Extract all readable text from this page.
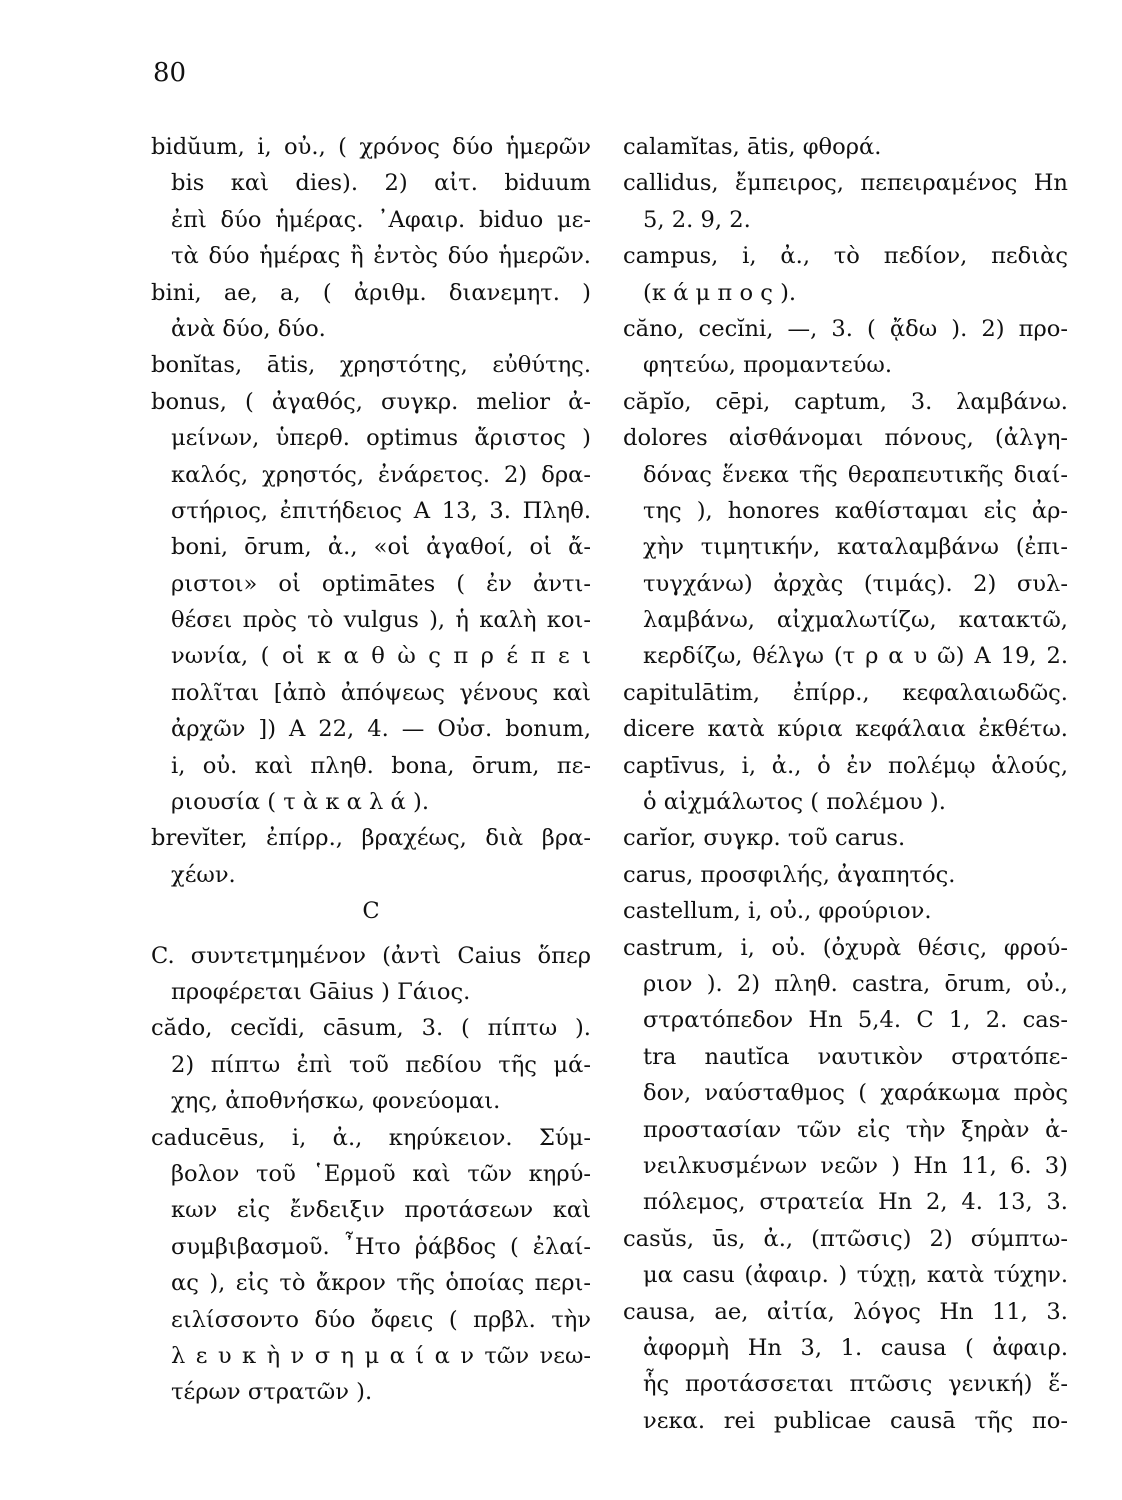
80
bidŭum, i, οὐ., ( χρόνος δύο ἡμερῶν
bis καὶ dies). 2) αἰτ. biduum
ἐπὶ δύο ἡμέρας. ᾿Αφαιρ. biduo με-
τὰ δύο ἡμέρας ἢ ἐντὸς δύο ἡμερῶν.
bini, ae, a, ( ἀριθμ. διανεμητ. )
ἀνὰ δύο, δύο.
bonĭtas, ātis, χρηστότης, εὐθύτης.
bonus, ( ἀγαθός, συγκρ. melior ἀ-
μείνων, ὑπερθ. optimus ἄριστος )
καλός, χρηστός, ἐνάρετος. 2) δρα-
στήριος, ἐπιτήδειος A 13, 3. Πληθ.
boni, ōrum, ἀ., «οἱ ἀγαθοί, οἱ ἄ-
ριστοι» οἱ optimātes ( ἐν ἀντι-
θέσει πρὸς τὸ vulgus ), ἡ καλὴ κοι-
νωνία, ( οἱ κ α θ ὼ ς π ρ έ π ε ι
πολῖται [ἀπὸ ἀπόψεως γένους καὶ
ἀρχῶν ]) A 22, 4. — Οὐσ. bonum,
i, οὐ. καὶ πληθ. bona, ōrum, πε-
ριουσία ( τ ὰ κ α λ ά ).
brevĭter, ἐπίρρ., βραχέως, διὰ βρα-
χέων.
C
C. συντετμημένον (ἀντὶ Caius ὅπερ
προφέρεται Gāius ) Γάιος.
cădo, cecĭdi, cāsum, 3. ( πίπτω ).
2) πίπτω ἐπὶ τοῦ πεδίου τῆς μά-
χης, ἀποθνήσκω, φονεύομαι.
caducēus, i, ἀ., κηρύκειον. Σύμ-
βολον τοῦ ῾Ερμοῦ καὶ τῶν κηρύ-
κων εἰς ἔνδειξιν προτάσεων καὶ
συμβιβασμοῦ. ῏Ητο ῥάβδος ( ἐλαί-
ας ), εἰς τὸ ἄκρον τῆς ὁποίας περι-
ειλίσσοντο δύο ὄφεις ( πρβλ. τὴν
λ ε υ κ ὴ ν σ η μ α ί α ν τῶν νεω-
τέρων στρατῶν ).
calamĭtas, ātis, φθορά.
callidus, ἔμπειρος, πεπειραμένος Hn
5, 2. 9, 2.
campus, i, ἀ., τὸ πεδίον, πεδιὰς
(κ ά μ π ο ς ).
căno, cecĭni, —, 3. ( ᾄδω ). 2) προ-
φητεύω, προμαντεύω.
căpĭo, cēpi, captum, 3. λαμβάνω.
dolores αἰσθάνομαι πόνους, (ἀλγη-
δόνας ἕνεκα τῆς θεραπευτικῆς διαί-
της ), honores καθίσταμαι εἰς ἀρ-
χὴν τιμητικήν, καταλαμβάνω (ἐπι-
τυγχάνω) ἀρχὰς (τιμάς). 2) συλ-
λαμβάνω, αἰχμαλωτίζω, κατακτῶ,
κερδίζω, θέλγω (τ ρ α υ ῶ) A 19, 2.
capitulātim, ἐπίρρ., κεφαλαιωδῶς.
dicere κατὰ κύρια κεφάλαια ἐκθέτω.
captīvus, i, ἀ., ὁ ἐν πολέμῳ ἁλούς,
ὁ αἰχμάλωτος ( πολέμου ).
carĭor, συγκρ. τοῦ carus.
carus, προσφιλής, ἀγαπητός.
castellum, i, οὐ., φρούριον.
castrum, i, οὐ. (ὀχυρὰ θέσις, φρού-
ριον ). 2) πληθ. castra, ōrum, οὐ.,
στρατόπεδον Hn 5,4. C 1, 2. cas-
tra nautĭca ναυτικὸν στρατόπε-
δον, ναύσταθμος ( χαράκωμα πρὸς
προστασίαν τῶν εἰς τὴν ξηρὰν ἀ-
νειλκυσμένων νεῶν ) Hn 11, 6. 3)
πόλεμος, στρατεία Hn 2, 4. 13, 3.
casŭs, ūs, ἀ., (πτῶσις) 2) σύμπτω-
μα casu (ἀφαιρ. ) τύχῃ, κατὰ τύχην.
causa, ae, αἰτία, λόγος Hn 11, 3.
ἀφορμὴ Hn 3, 1. causa ( ἀφαιρ.
ἧς προτάσσεται πτῶσις γενική) ἕ-
νεκα. rei publicae causā τῆς πο-
